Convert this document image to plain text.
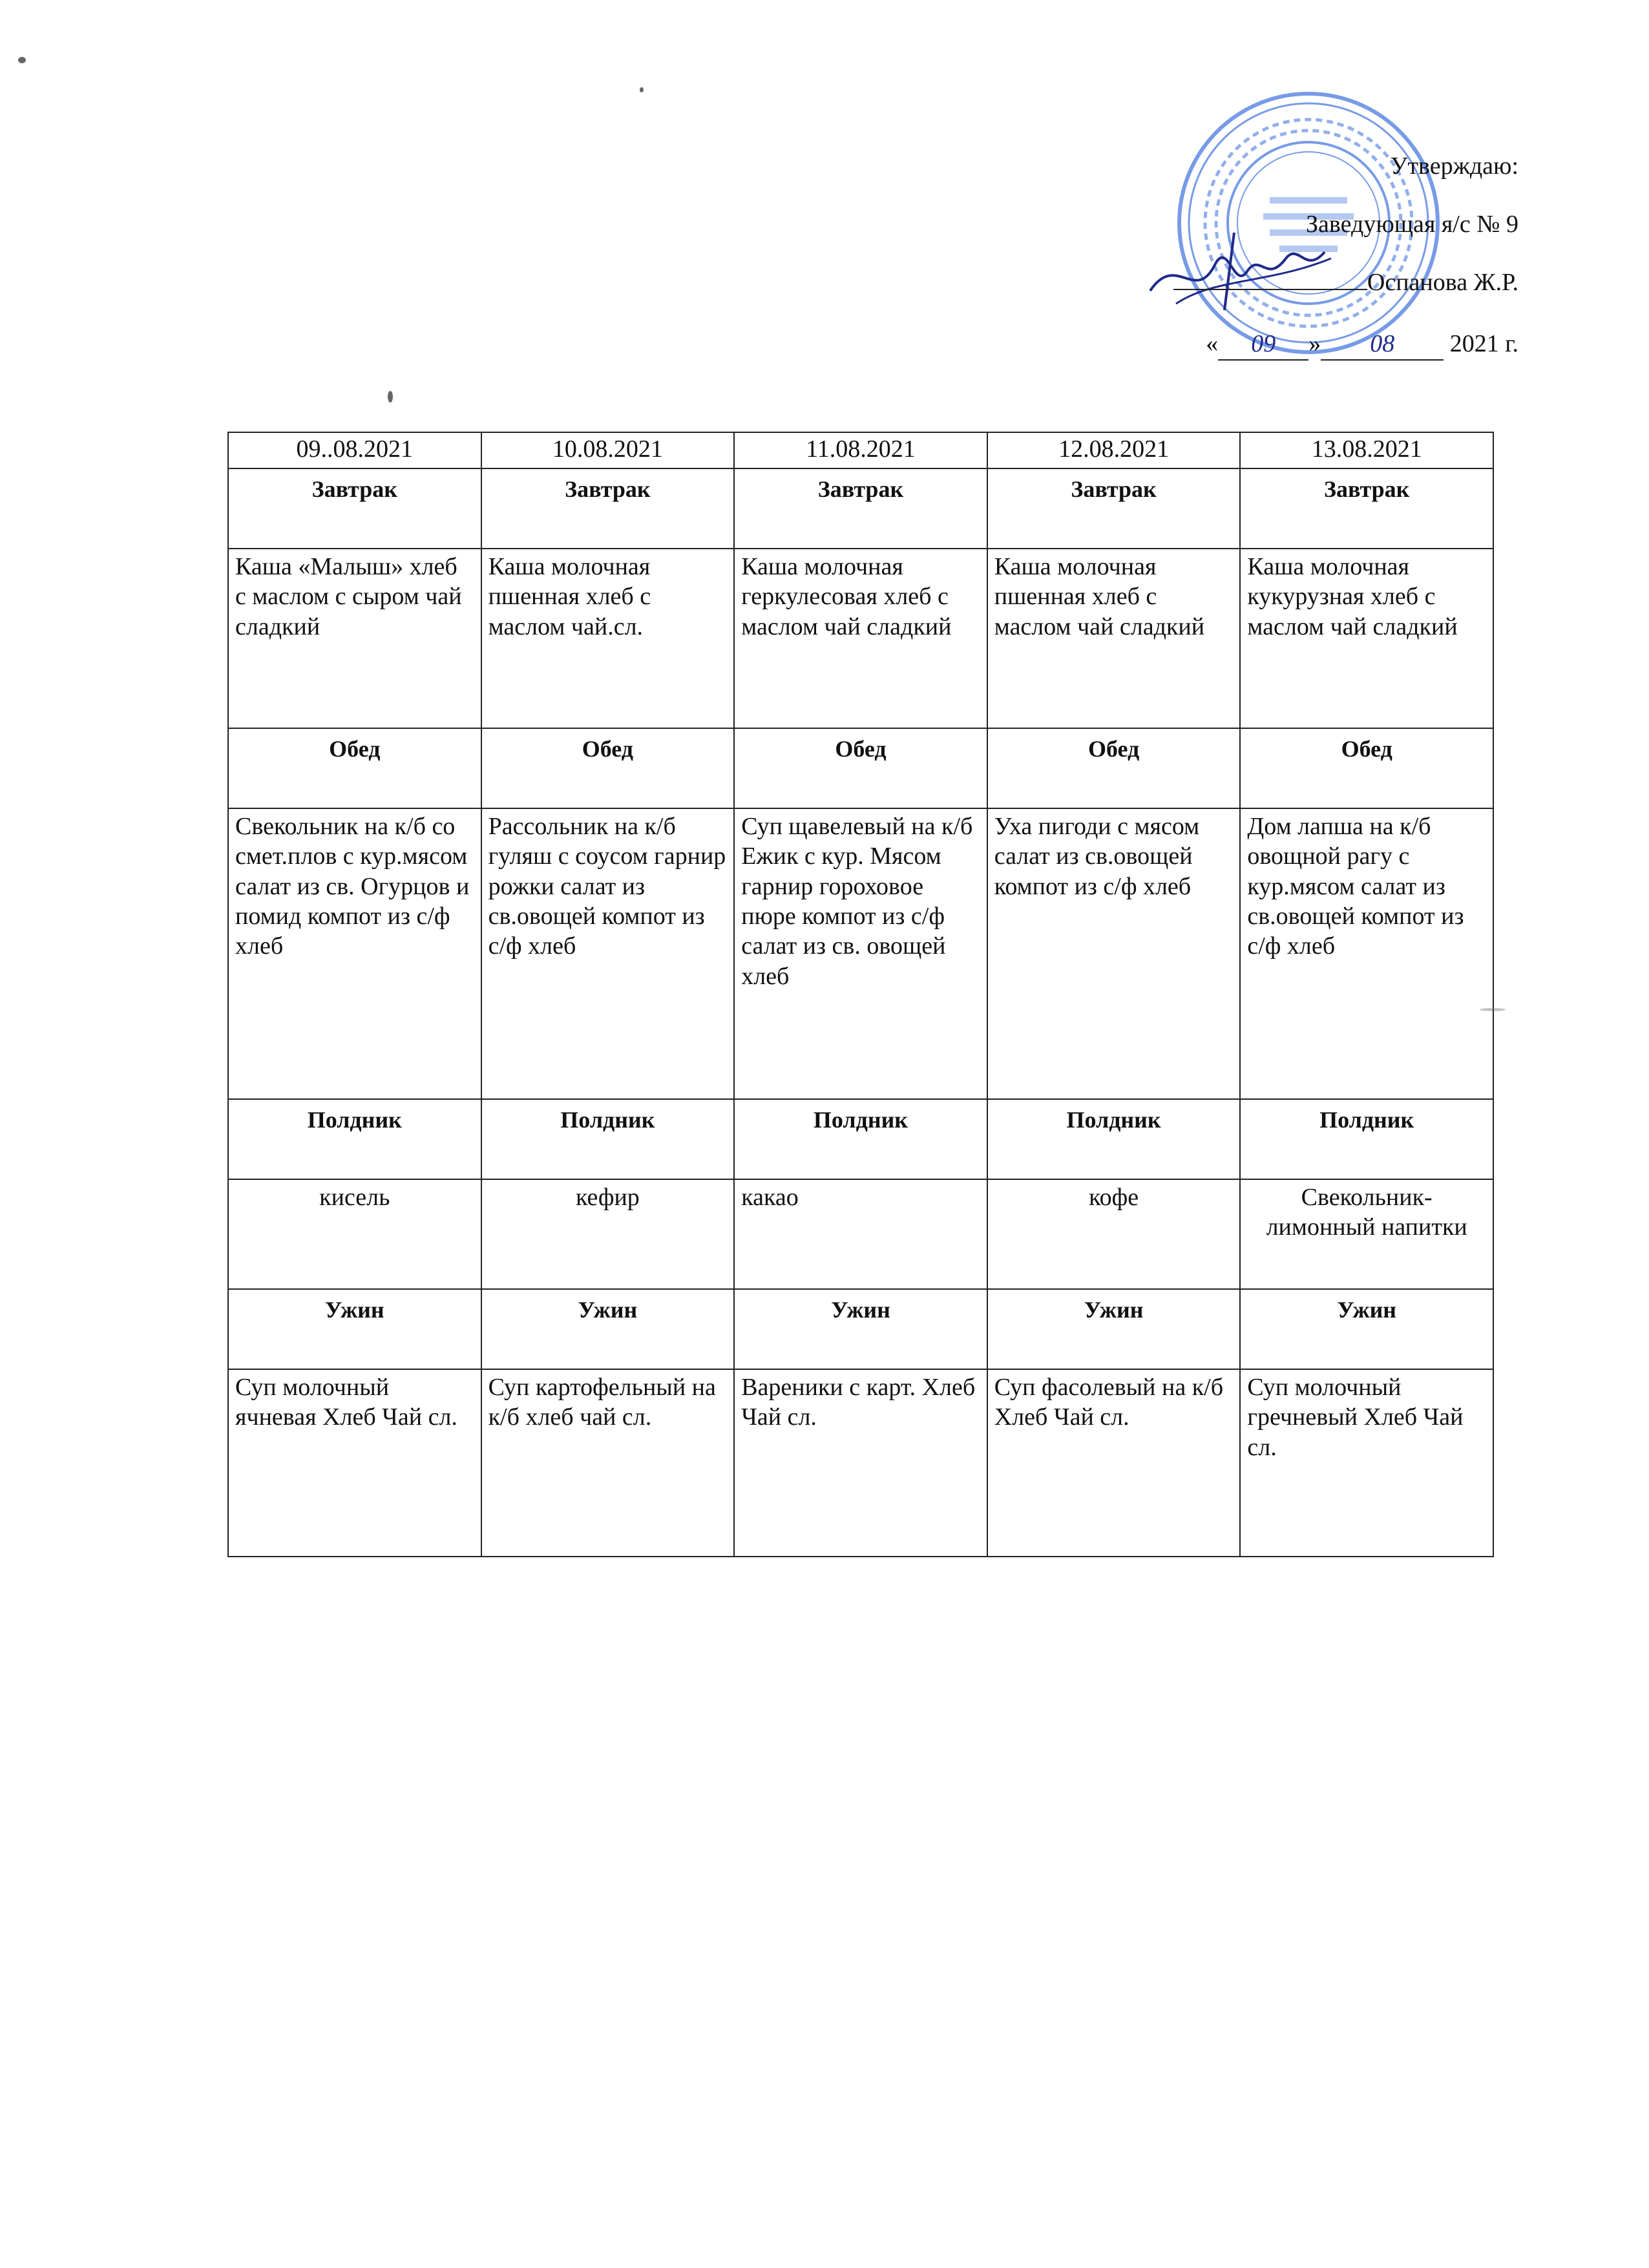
Утверждаю:
Заведующая я/с № 9
Оспанова Ж.Р.
« 09 » 08 2021 г.
09..08.2021	10.08.2021	11.08.2021	12.08.2021	13.08.2021
Завтрак	Завтрак	Завтрак	Завтрак	Завтрак
Каша «Малыш» хлеб с маслом с сыром чай сладкий	Каша молочная пшенная хлеб с маслом чай.сл.	Каша молочная геркулесовая хлеб с маслом чай сладкий	Каша молочная пшенная хлеб с маслом чай сладкий	Каша молочная кукурузная хлеб с маслом чай сладкий
Обед	Обед	Обед	Обед	Обед
Свекольник на к/б со смет.плов с кур.мясом салат из св. Огурцов и помид компот из с/ф хлеб	Рассольник на к/б гуляш с соусом гарнир рожки салат из св.овощей компот из с/ф хлеб	Суп щавелевый на к/б Ежик с кур. Мясом гарнир гороховое пюре компот из с/ф салат из св. овощей хлеб	Уха пигоди с мясом салат из св.овощей компот из с/ф хлеб	Дом лапша на к/б овощной рагу с кур.мясом салат из св.овощей компот из с/ф хлеб
Полдник	Полдник	Полдник	Полдник	Полдник
кисель	кефир	какао	кофе	Свекольник-лимонный напитки
Ужин	Ужин	Ужин	Ужин	Ужин
Суп молочный ячневая Хлеб Чай сл.	Суп картофельный на к/б хлеб чай сл.	Вареники с карт. Хлеб Чай сл.	Суп фасолевый на к/б Хлеб Чай сл.	Суп молочный гречневый Хлеб Чай сл.
